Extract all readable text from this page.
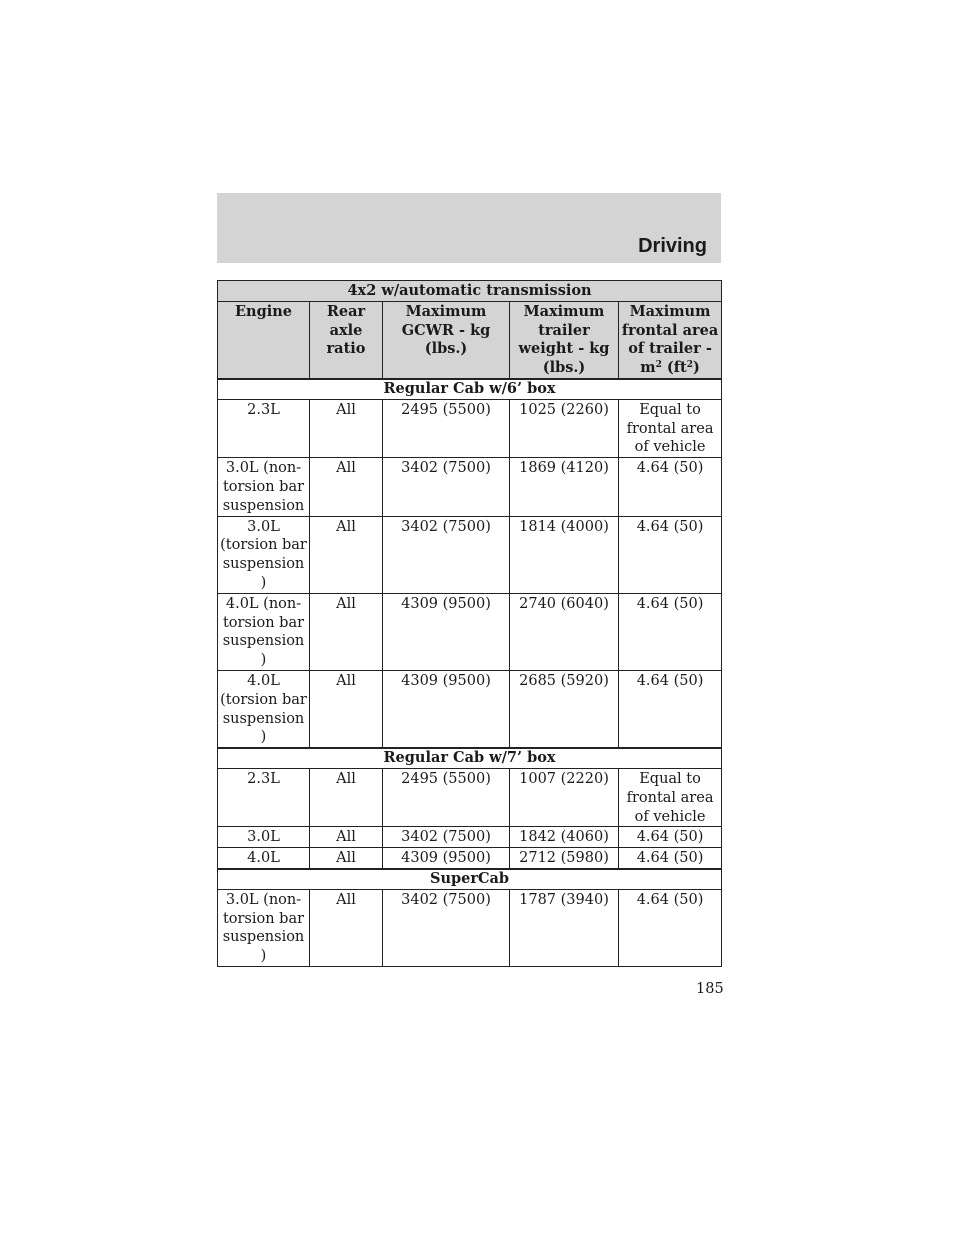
Driving
4x2 w/automatic transmission				
Engine	Rear axle ratio	Maximum GCWR - kg (lbs.)	Maximum trailer weight - kg (lbs.)	Maximum frontal area of trailer - $m^2$ $(ft^2)$
Regular Cab w/6’ box				
2.3L	All	2495 (5500)	1025 (2260)	Equal to frontal area of vehicle
3.0L (non-torsion bar suspension	All	3402 (7500)	1869 (4120)	4.64 (50)
3.0L (torsion bar suspension)	All	3402 (7500)	1814 (4000)	4.64 (50)
4.0L (non-torsion bar suspension)	All	4309 (9500)	2740 (6040)	4.64 (50)
4.0L (torsion bar suspension)	All	4309 (9500)	2685 (5920)	4.64 (50)
Regular Cab w/7’ box				
2.3L	All	2495 (5500)	1007 (2220)	Equal to frontal area of vehicle
3.0L	All	3402 (7500)	1842 (4060)	4.64 (50)
4.0L	All	4309 (9500)	2712 (5980)	4.64 (50)
SuperCab				
3.0L (non-torsion bar suspension)	All	3402 (7500)	1787 (3940)	4.64 (50)
185
